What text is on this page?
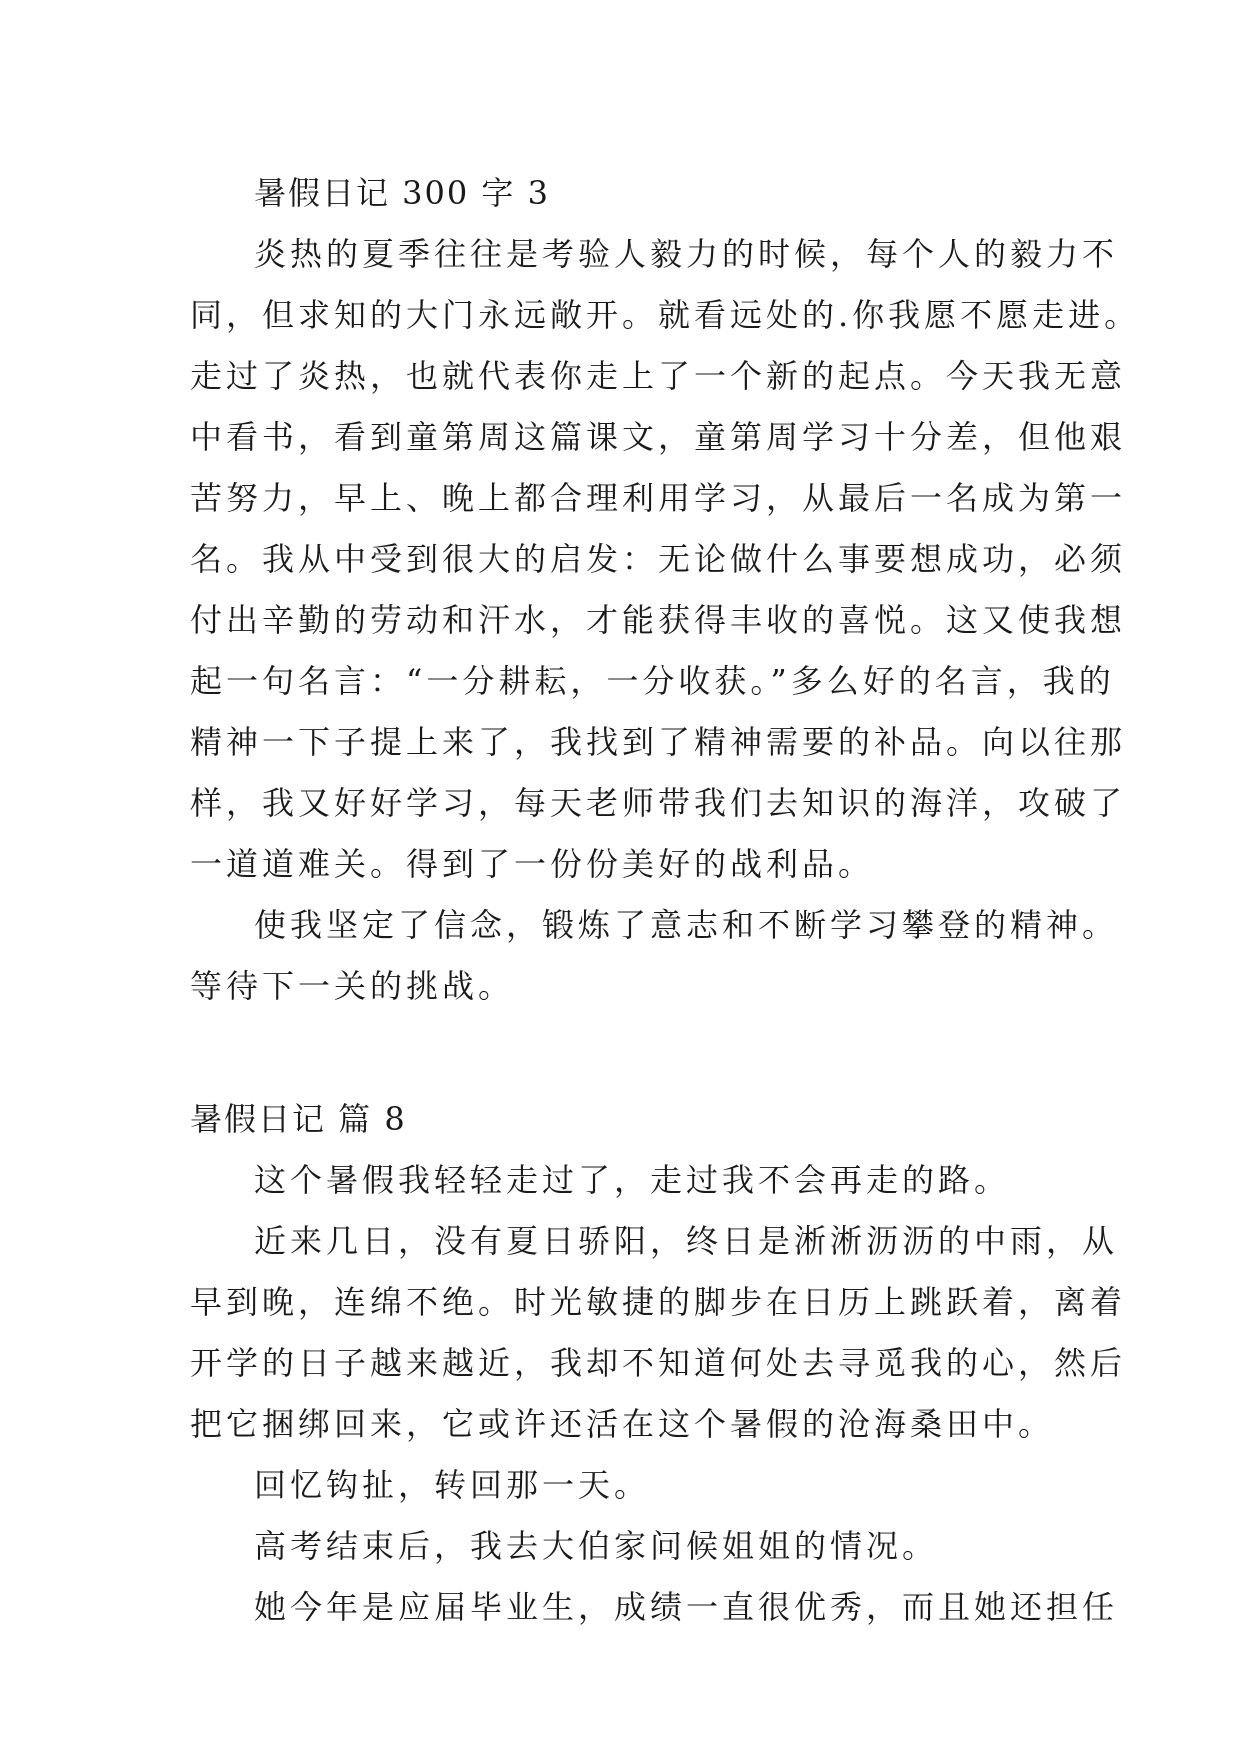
暑假日记 300 字 3
炎热的夏季往往是考验人毅力的时候，每个人的毅力不
同，但求知的大门永远敞开。就看远处的.你我愿不愿走进。
走过了炎热，也就代表你走上了一个新的起点。今天我无意
中看书，看到童第周这篇课文，童第周学习十分差，但他艰
苦努力，早上、晚上都合理利用学习，从最后一名成为第一
名。我从中受到很大的启发：无论做什么事要想成功，必须
付出辛勤的劳动和汗水，才能获得丰收的喜悦。这又使我想
起一句名言：“一分耕耘，一分收获。”多么好的名言，我的
精神一下子提上来了，我找到了精神需要的补品。向以往那
样，我又好好学习，每天老师带我们去知识的海洋，攻破了
一道道难关。得到了一份份美好的战利品。
使我坚定了信念，锻炼了意志和不断学习攀登的精神。
等待下一关的挑战。
暑假日记 篇 8
这个暑假我轻轻走过了，走过我不会再走的路。
近来几日，没有夏日骄阳，终日是淅淅沥沥的中雨，从
早到晚，连绵不绝。时光敏捷的脚步在日历上跳跃着，离着
开学的日子越来越近，我却不知道何处去寻觅我的心，然后
把它捆绑回来，它或许还活在这个暑假的沧海桑田中。
回忆钩扯，转回那一天。
高考结束后，我去大伯家问候姐姐的情况。
她今年是应届毕业生，成绩一直很优秀，而且她还担任
